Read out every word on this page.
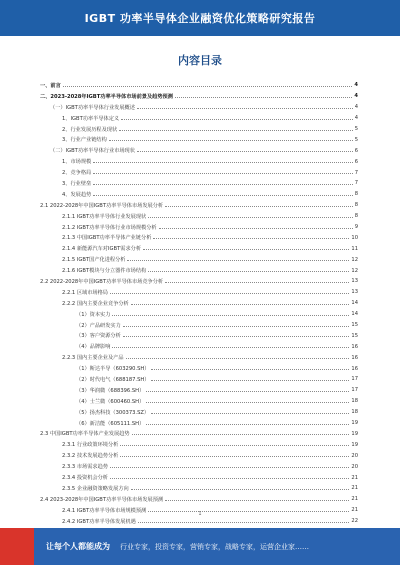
IGBT 功率半导体企业融资优化策略研究报告
内容目录
一、前言	4
二、2023-2028年IGBT功率半导体市场前景及趋势预测	4
（一）IGBT功率半导体行业发展概述	4
1、IGBT功率半导体定义	4
2、行业发展历程及现状	5
3、行业产业链结构	5
（二）IGBT功率半导体行业市场现状	6
1、市场规模	6
2、竞争格局	7
3、行业壁垒	7
4、发展趋势	8
2.1 2022-2028年中国IGBT功率半导体市场发展分析	8
2.1.1 IGBT功率半导体行业发展现状	8
2.1.2 IGBT功率半导体行业市场规模分析	9
2.1.3 中国IGBT功率半导体产业链分析	10
2.1.4 新能源汽车对IGBT需求分析	11
2.1.5 IGBT国产化进程分析	12
2.1.6 IGBT模块与分立器件市场结构	12
2.2 2022-2028年中国IGBT功率半导体市场竞争分析	13
2.2.1 区域市场格局	13
2.2.2 国内主要企业竞争分析	14
（1）资本实力	14
（2）产品研发实力	15
（3）客户资源分析	15
（4）品牌影响	16
2.2.3 国内主要企业及产品	16
（1）斯达半导（603290.SH）	16
（2）时代电气（688187.SH）	17
（3）华润微（688396.SH）	17
（4）士兰微（600460.SH）	18
（5）扬杰科技（300373.SZ）	18
（6）新洁能（605111.SH）	19
2.3 中国IGBT功率半导体产业发展趋势	19
2.3.1 行业政策环境分析	19
2.3.2 技术发展趋势分析	20
2.3.3 市场需求趋势	20
2.3.4 投资机会分析	21
2.3.5 企业融资策略发展方向	21
2.4 2023-2028年中国IGBT功率半导体市场发展预测	21
2.4.1 IGBT功率半导体市场规模预测	21
2.4.2 IGBT功率半导体发展机遇	22
1
让每个人都能成为 行业专家，投资专家，营销专家，战略专家，运营企业家……
